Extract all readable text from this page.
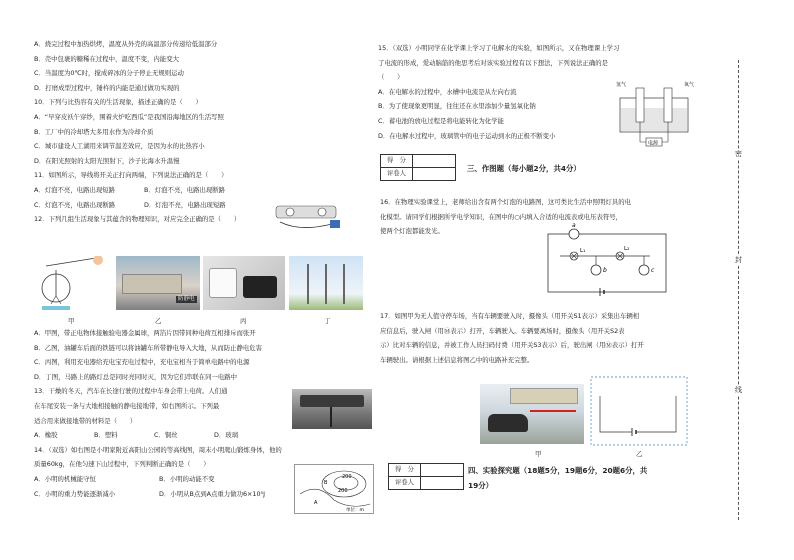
A．烧完过程中加热烘烤，温度从外壳的高温部分传递给低温部分
B．壳中包裹的糖稀在过程中，温度不变，内能变大
C．当温度为0℃时，搅成碎冰的分子停止无规则运动
D．打磨成型过程中，锤杵的内能是通过做功实现的
10．下列与比热容有关的生活现象，描述正确的是（　　）
A．“早穿皮袄午穿纱，围着火炉吃西瓜”是我国沿海地区的生活写照
B．工厂中的冷却塔大多用水作为冷却介质
C．城市建设人工湖用来调节温差效应，是因为水的比热容小
D．在阳光照射的太阳光照射下，沙子比海水升温慢
11．如图所示，导线将开关正打向两端，下列说法正确的是（　　）
A．灯泡不亮，电路出现短路	B．灯泡不亮，电路出现断路
C．灯泡不亮，电路出现断路	D．灯泡不亮，电路出现短路
12．下列几组生活现象与其蕴含的物理知识，对应完全正确的是（　　）
防静电
甲	乙	丙	丁
A．甲图，带正电物体接触验电器金属球，两箔片因带同种电荷互相排斥而张开
B．乙图，油罐车后面的铁链可以将油罐车所带静电导入大地，从而防止静电危害
C．丙图，利用充电器给充电宝充电过程中，充电宝相当于简单电路中的电源
D．丁图，马路上的路灯总是同时亮同时灭，因为它们串联在同一电路中
13．干燥的冬天，汽车在长途行驶的过程中车身会带上电荷。人们通
在车尾安装一条与大地相接触的静电接地带，如右图所示。下列最
适合用来做接地带的材料是（　　）
A．橡胶	B．塑料	C．铜丝	D．玻璃
14．（双选）如右图是小明家附近高阳山公园的等高线图，周末小明爬山锻炼身体，他的
质量60kg，在他匀速下山过程中，下列判断正确的是（　　）
A．小明的机械能守恒	B．小明的动能不变
C．小明的重力势能逐渐减小	D．小明从B点到A点重力做功6×10⁵J
200
200
B
A
单位：m
15．（双选）小明同学在化学课上学习了电解水的实验，如图所示，又在物理课上学习
了电流的形成，爱动脑筋的他思考后对该实验过程有以下想法，下列说法正确的是
（　　）
A．在电解水的过程中，水槽中电流是从左向右流
B．为了使现象更明显，往往还在水里添加少量氢氧化钠
C．蓄电池的放电过程是将电能转化为化学能
D．在电解水过程中，玻璃管中的电子运动到水的正极不断变小
氢气	氧气
电源
得　分	
评卷人	
三、作图题（每小题2分，共4分）
16．在物理实验课堂上，老师给出含有两个灯泡的电路图，这可类比生活中照明灯具的电
化模型。请同学们根据所学电学知识，在图中的○内填入合适的电流表或电压表符号，
使两个灯泡都能发光。
a
L₁
b
L₂
c
17．如图甲为无人值守停车场，当有车辆要驶入时，摄像头（用开关S1表示）采集出车辆相
应信息后，驶入闸（用Ⓜ表示）打开，车辆驶入。车辆要离场时，摄像头（用开关S2表
示）比对车辆的信息，并被工作人员扫码付费（用开关S3表示）后，驶出闸（用Ⓜ表示）打开
车辆驶出。请根据上述信息将图乙中的电路补充完整。
甲	乙
得　分	
评卷人	
四、实验探究题（18题5分，19题6分，20题6分，共
19分）
密
封
线
